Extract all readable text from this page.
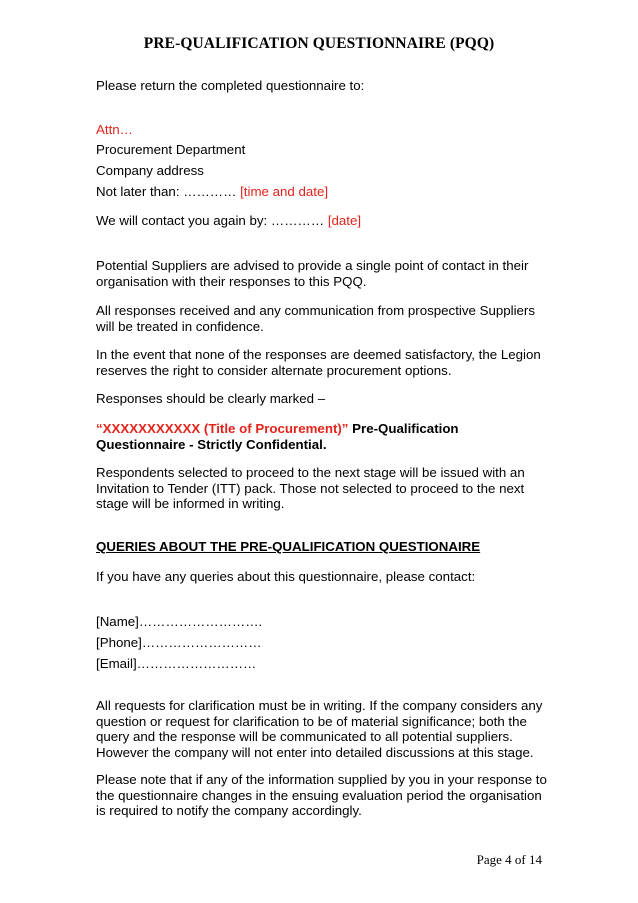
PRE-QUALIFICATION QUESTIONNAIRE (PQQ)
Please return the completed questionnaire to:
Attn…
Procurement Department
Company address
Not later than: ………… [time and date]
We will contact you again by: ………… [date]
Potential Suppliers are advised to provide a single point of contact in their organisation with their responses to this PQQ.
All responses received and any communication from prospective Suppliers will be treated in confidence.
In the event that none of the responses are deemed satisfactory, the Legion reserves the right to consider alternate procurement options.
Responses should be clearly marked –
“XXXXXXXXXXX (Title of Procurement)” Pre-Qualification Questionnaire - Strictly Confidential.
Respondents selected to proceed to the next stage will be issued with an Invitation to Tender (ITT) pack. Those not selected to proceed to the next stage will be informed in writing.
QUERIES ABOUT THE PRE-QUALIFICATION QUESTIONAIRE
If you have any queries about this questionnaire, please contact:
[Name]……………………….
[Phone]………………………
[Email]………………………
All requests for clarification must be in writing. If the company considers any question or request for clarification to be of material significance; both the query and the response will be communicated to all potential suppliers. However the company will not enter into detailed discussions at this stage.
Please note that if any of the information supplied by you in your response to the questionnaire changes in the ensuing evaluation period the organisation is required to notify the company accordingly.
Page 4 of 14
